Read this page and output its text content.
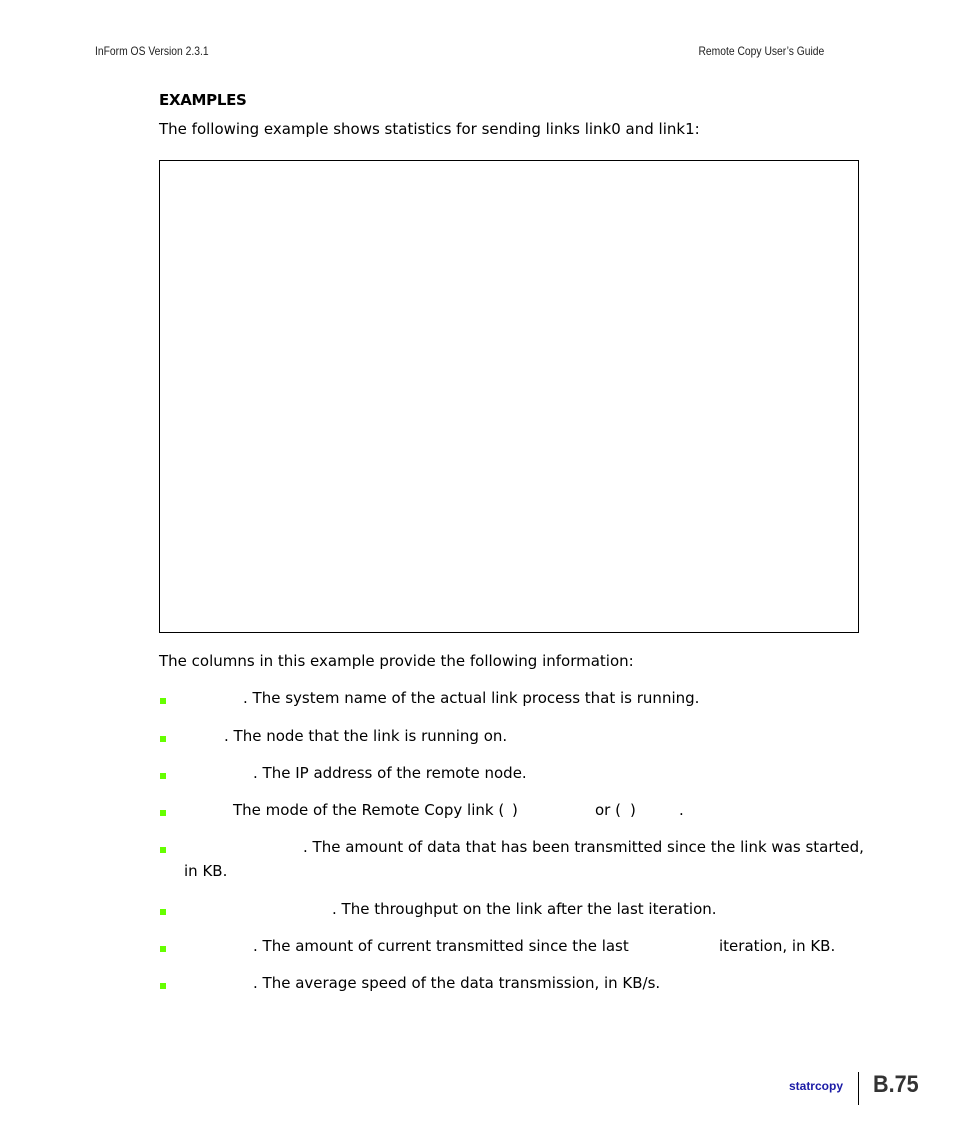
InForm OS Version 2.3.1	Remote Copy User’s Guide
EXAMPLES
The following example shows statistics for sending links link0 and link1:
The columns in this example provide the following information:
. The system name of the actual link process that is running.
. The node that the link is running on.
. The IP address of the remote node.
The mode of the Remote Copy link ( )	or ( )	.
. The amount of data that has been transmitted since the link was started,
in KB.
. The throughput on the link after the last iteration.
. The amount of current transmitted since the last	iteration, in KB.
. The average speed of the data transmission, in KB/s.
statrcopy B.75
